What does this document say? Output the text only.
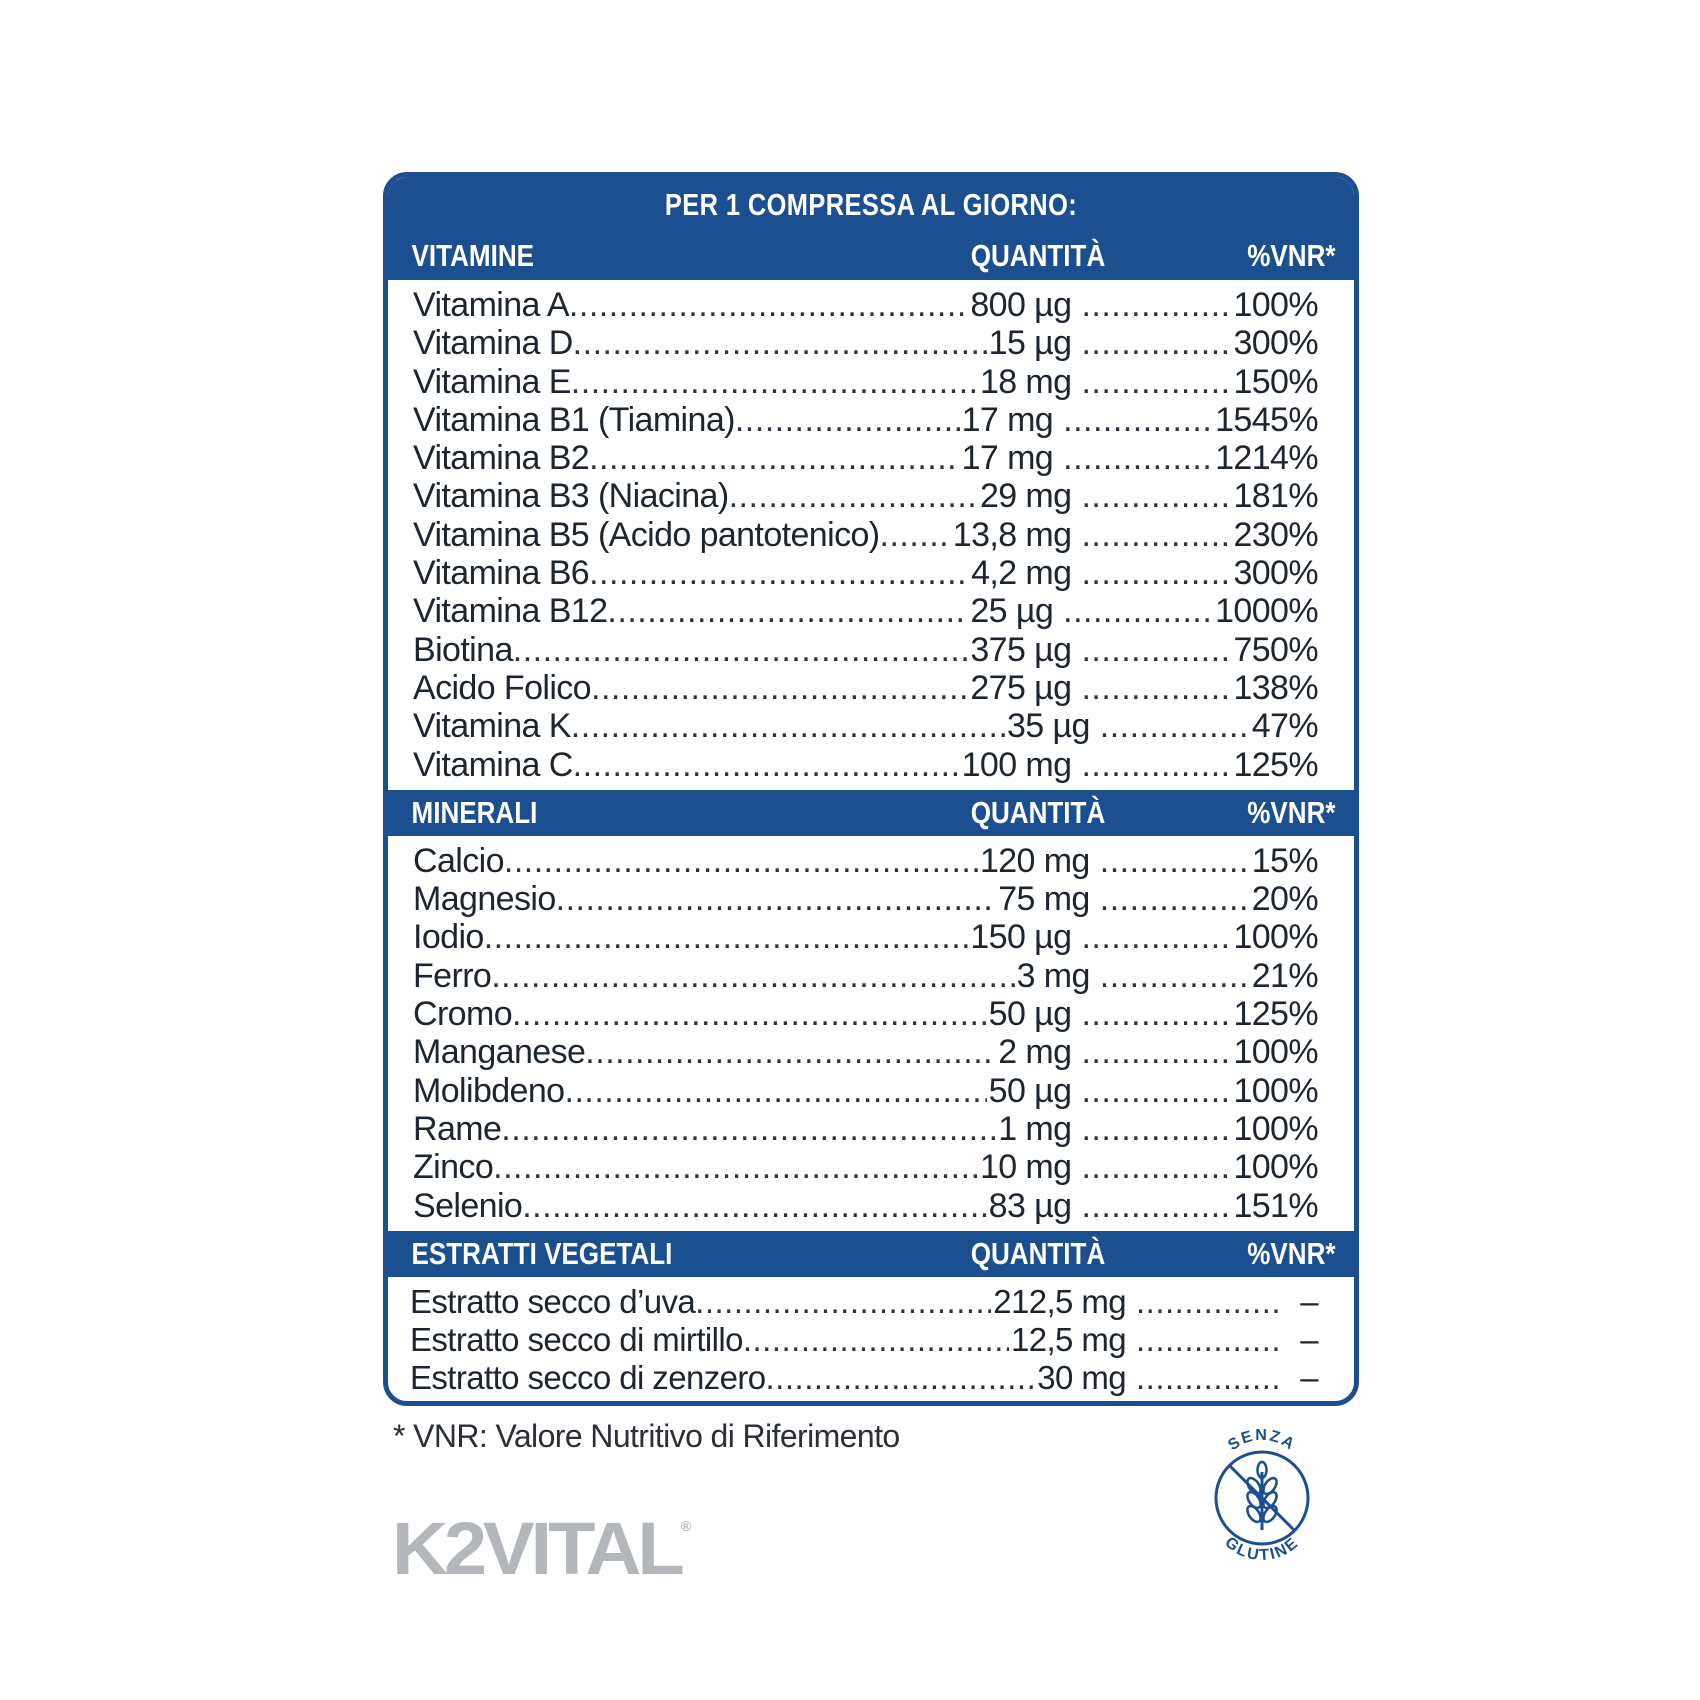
PER 1 COMPRESSA AL GIORNO:
VITAMINE	QUANTITÀ	%VNR*
Vitamina A .....	800 µg .....	100%
Vitamina D .....	15 µg .....	300%
Vitamina E .....	18 mg .....	150%
Vitamina B1 (Tiamina) .....	17 mg .....	1545%
Vitamina B2 .....	17 mg .....	1214%
Vitamina B3 (Niacina) .....	29 mg .....	181%
Vitamina B5 (Acido pantotenico) ..... 13,8 mg .....	230%
Vitamina B6 .....	4,2 mg .....	300%
Vitamina B12 .....	25 µg .....	1000%
Biotina .....	375 µg .....	750%
Acido Folico .....	275 µg .....	138%
Vitamina K .....	35 µg .....	47%
Vitamina C .....	100 mg .....	125%
MINERALI	QUANTITÀ	%VNR*
Calcio .....	120 mg .....	15%
Magnesio .....	75 mg .....	20%
Iodio .....	150 µg .....	100%
Ferro .....	3 mg .....	21%
Cromo .....	50 µg .....	125%
Manganese .....	2 mg .....	100%
Molibdeno .....	50 µg .....	100%
Rame .....	1 mg .....	100%
Zinco .....	10 mg .....	100%
Selenio .....	83 µg .....	151%
ESTRATTI VEGETALI	QUANTITÀ	%VNR*
Estratto secco d’uva .....	212,5 mg .....	–
Estratto secco di mirtillo .....	12,5 mg .....	–
Estratto secco di zenzero .....	30 mg .....	–
* VNR: Valore Nutritivo di Riferimento
K2VITAL®
SENZA
GLUTINE
